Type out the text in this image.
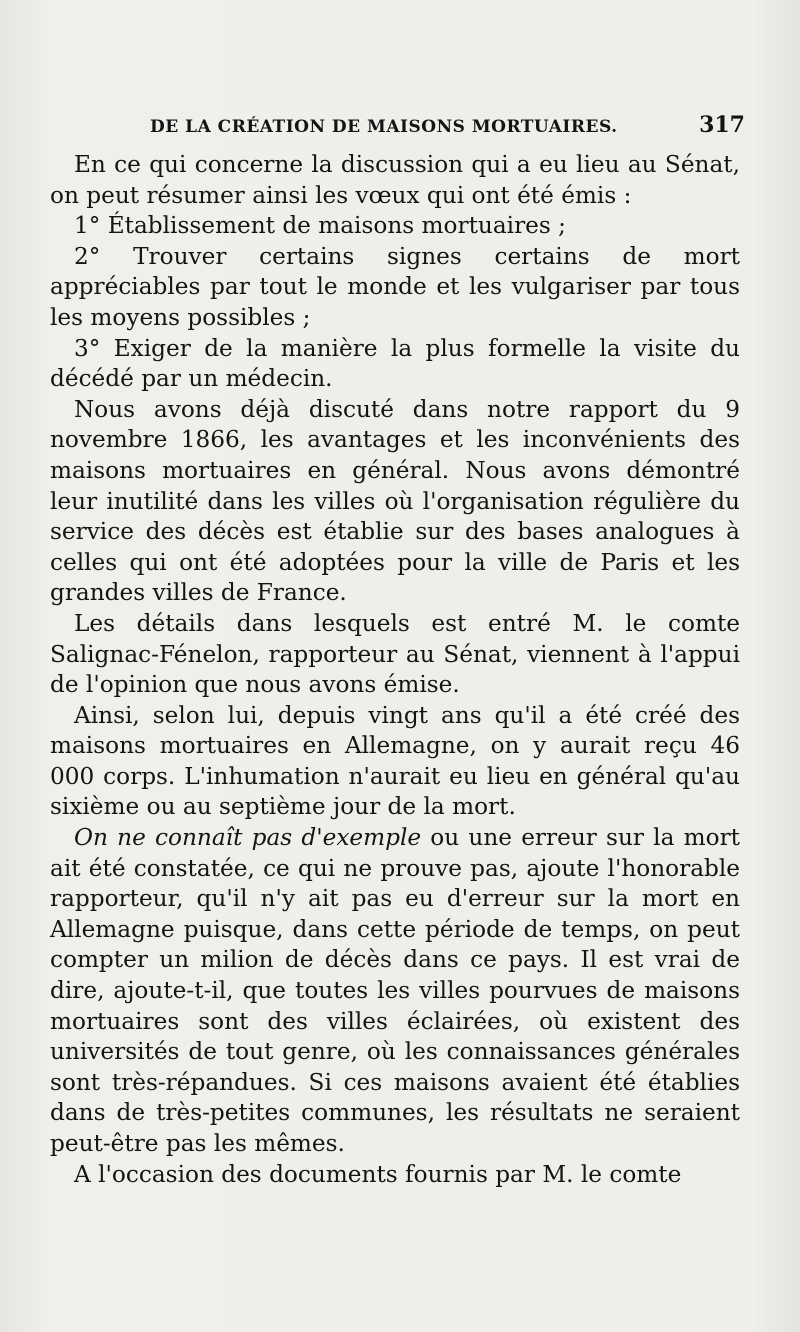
DE LA CRÉATION DE MAISONS MORTUAIRES.	317

En ce qui concerne la discussion qui a eu lieu au Sénat, on peut résumer ainsi les vœux qui ont été émis :

1° Établissement de maisons mortuaires ;

2° Trouver certains signes certains de mort appréciables par tout le monde et les vulgariser par tous les moyens possibles ;

3° Exiger de la manière la plus formelle la visite du décédé par un médecin.

Nous avons déjà discuté dans notre rapport du 9 novembre 1866, les avantages et les inconvénients des maisons mortuaires en général. Nous avons démontré leur inutilité dans les villes où l'organisation régulière du service des décès est établie sur des bases analogues à celles qui ont été adoptées pour la ville de Paris et les grandes villes de France.

Les détails dans lesquels est entré M. le comte Salignac-Fénelon, rapporteur au Sénat, viennent à l'appui de l'opinion que nous avons émise.

Ainsi, selon lui, depuis vingt ans qu'il a été créé des maisons mortuaires en Allemagne, on y aurait reçu 46 000 corps. L'inhumation n'aurait eu lieu en général qu'au sixième ou au septième jour de la mort.

On ne connaît pas d'exemple ou une erreur sur la mort ait été constatée, ce qui ne prouve pas, ajoute l'honorable rapporteur, qu'il n'y ait pas eu d'erreur sur la mort en Allemagne puisque, dans cette période de temps, on peut compter un milion de décès dans ce pays. Il est vrai de dire, ajoute-t-il, que toutes les villes pourvues de maisons mortuaires sont des villes éclairées, où existent des universités de tout genre, où les connaissances générales sont très-répandues. Si ces maisons avaient été établies dans de très-petites communes, les résultats ne seraient peut-être pas les mêmes.

A l'occasion des documents fournis par M. le comte
